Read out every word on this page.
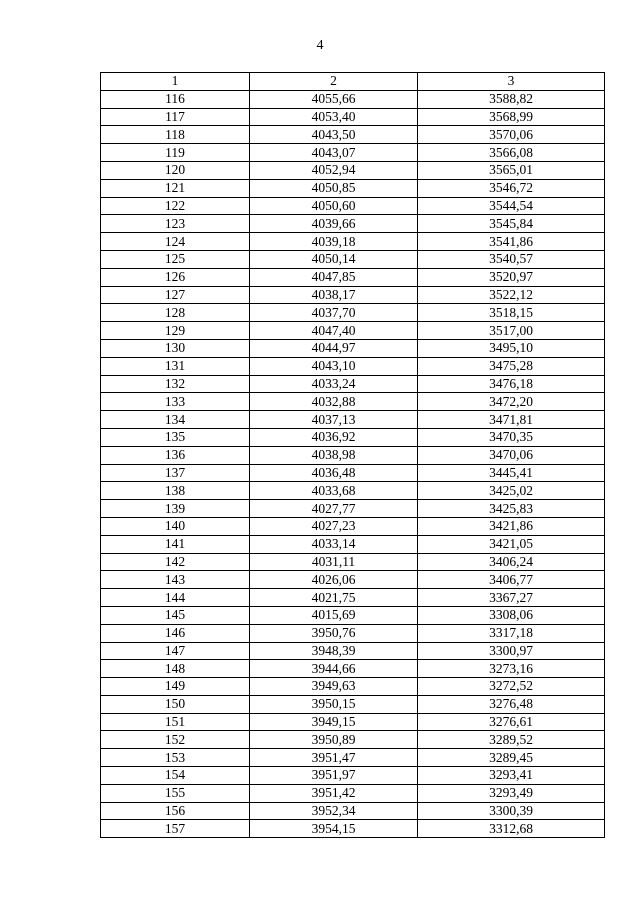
4
1	2	3
116	4055,66	3588,82
117	4053,40	3568,99
118	4043,50	3570,06
119	4043,07	3566,08
120	4052,94	3565,01
121	4050,85	3546,72
122	4050,60	3544,54
123	4039,66	3545,84
124	4039,18	3541,86
125	4050,14	3540,57
126	4047,85	3520,97
127	4038,17	3522,12
128	4037,70	3518,15
129	4047,40	3517,00
130	4044,97	3495,10
131	4043,10	3475,28
132	4033,24	3476,18
133	4032,88	3472,20
134	4037,13	3471,81
135	4036,92	3470,35
136	4038,98	3470,06
137	4036,48	3445,41
138	4033,68	3425,02
139	4027,77	3425,83
140	4027,23	3421,86
141	4033,14	3421,05
142	4031,11	3406,24
143	4026,06	3406,77
144	4021,75	3367,27
145	4015,69	3308,06
146	3950,76	3317,18
147	3948,39	3300,97
148	3944,66	3273,16
149	3949,63	3272,52
150	3950,15	3276,48
151	3949,15	3276,61
152	3950,89	3289,52
153	3951,47	3289,45
154	3951,97	3293,41
155	3951,42	3293,49
156	3952,34	3300,39
157	3954,15	3312,68
